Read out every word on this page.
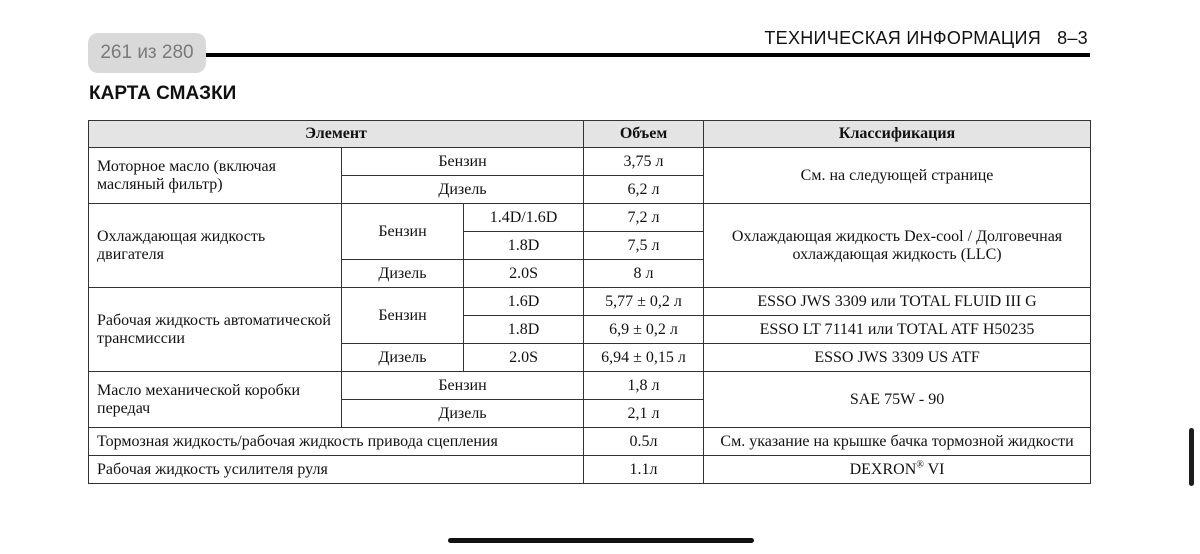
261 из 280
ТЕХНИЧЕСКАЯ ИНФОРМАЦИЯ 8–3
КАРТА СМАЗКИ
Элемент			Объем	Классификация
Моторное масло (включая масляный фильтр)	Бензин		3,75 л	См. на следующей странице
	Дизель		6,2 л	
Охлаждающая жидкость двигателя	Бензин	1.4D/1.6D	7,2 л	Охлаждающая жидкость Dex-cool / Долговечная охлаждающая жидкость (LLC)
		1.8D	7,5 л	
	Дизель	2.0S	8 л	
Рабочая жидкость автоматической трансмиссии	Бензин	1.6D	5,77 ± 0,2 л	ESSO JWS 3309 или TOTAL FLUID III G
		1.8D	6,9 ± 0,2 л	ESSO LT 71141 или TOTAL ATF H50235
	Дизель	2.0S	6,94 ± 0,15 л	ESSO JWS 3309 US ATF
Масло механической коробки передач	Бензин		1,8 л	SAE 75W - 90
	Дизель		2,1 л	
Тормозная жидкость/рабочая жидкость привода сцепления			0.5л	См. указание на крышке бачка тормозной жидкости
Рабочая жидкость усилителя руля			1.1л	DEXRON® VI
